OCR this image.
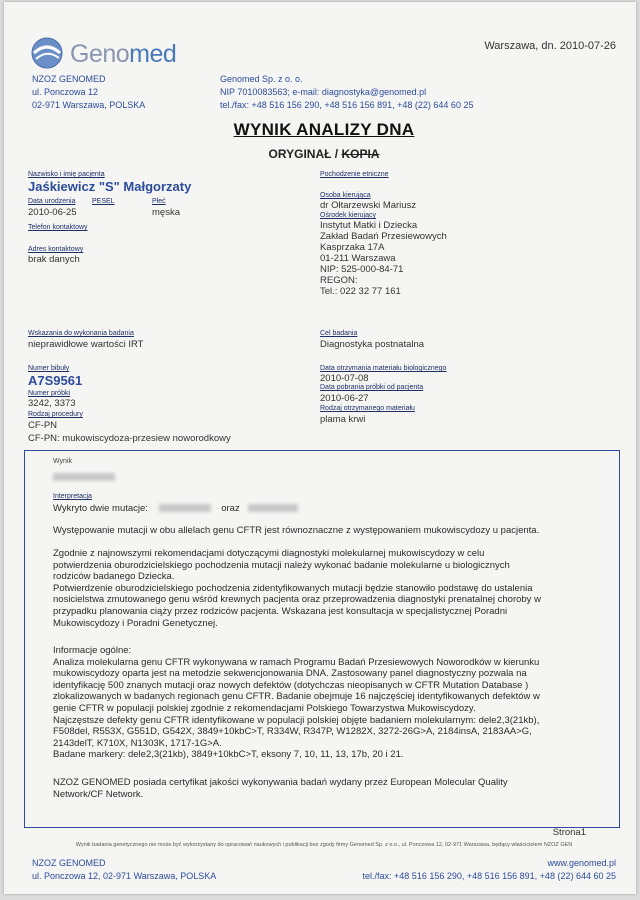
Genomed	Warszawa, dn. 2010-07-26
NZOZ GENOMED
ul. Ponczowa 12
02-971 Warszawa, POLSKA
Genomed Sp. z o. o.
NIP 7010083563; e-mail: diagnostyka@genomed.pl
tel./fax: +48 516 156 290, +48 516 156 891, +48 (22) 644 60 25
WYNIK ANALIZY DNA
ORYGINAŁ / KOPIA
Nazwisko i imię pacjenta
Jaśkiewicz "S" Małgorzaty
Data urodzenia PESEL
2010-06-25
Płeć
męska
Telefon kontaktowy
Adres kontaktowy
brak danych
Pochodzenie etniczne
Osoba kierująca
dr Ołtarzewski Mariusz
Ośrodek kierujący
Instytut Matki i Dziecka
Zakład Badań Przesiewowych
Kasprzaka 17A
01-211 Warszawa
NIP: 525-000-84-71
REGON:
Tel.: 022 32 77 161
Wskazania do wykonania badania
nieprawidłowe wartości IRT
Cel badania
Diagnostyka postnatalna
Numer bibuły
A7S9561
Numer próbki
3242, 3373
Rodzaj procedury
CF-PN
CF-PN: mukowiscydoza-przesiew noworodkowy
Data otrzymania materiału biologicznego
2010-07-08
Data pobrania próbki od pacjenta
2010-06-27
Rodzaj otrzymanego materiału
plama krwi
Wynik
Interpretacja
Wykryto dwie mutacje:	oraz
Występowanie mutacji w obu allelach genu CFTR jest równoznaczne z występowaniem mukowiscydozy u pacjenta.
Zgodnie z najnowszymi rekomendacjami dotyczącymi diagnostyki molekularnej mukowiscydozy w celu
potwierdzenia oburodzicielskiego pochodzenia mutacji należy wykonać badanie molekularne u biologicznych
rodziców badanego Dziecka.
Potwierdzenie oburodzicielskiego pochodzenia zidentyfikowanych mutacji będzie stanowiło podstawę do ustalenia
nosicielstwa zmutowanego genu wśród krewnych pacjenta oraz przeprowadzenia diagnostyki prenatalnej choroby w
przypadku planowania ciąży przez rodziców pacjenta. Wskazana jest konsultacja w specjalistycznej Poradni
Mukowiscydozy i Poradni Genetycznej.
Informacje ogólne:
Analiza molekularna genu CFTR wykonywana w ramach Programu Badań Przesiewowych Noworodków w kierunku
mukowiscydozy oparta jest na metodzie sekwencjonowania DNA. Zastosowany panel diagnostyczny pozwala na
identyfikację 500 znanych mutacji oraz nowych defektów (dotychczas nieopisanych w CFTR Mutation Database )
zlokalizowanych w badanych regionach genu CFTR. Badanie obejmuje 16 najczęściej identyfikowanych defektów w
genie CFTR w populacji polskiej zgodnie z rekomendacjami Polskiego Towarzystwa Mukowiscydozy.
Najczęstsze defekty genu CFTR identyfikowane w populacji polskiej objęte badaniem molekularnym: dele2,3(21kb),
F508del, R553X, G551D, G542X, 3849+10kbC>T, R334W, R347P, W1282X, 3272-26G>A, 2184insA, 2183AA>G,
2143delT, K710X, N1303K, 1717-1G>A.
Badane markery: dele2,3(21kb), 3849+10kbC>T, eksony 7, 10, 11, 13, 17b, 20 i 21.
NZOZ GENOMED posiada certyfikat jakości wykonywania badań wydany przez European Molecular Quality
Network/CF Network.
Strona1
Wynik badania genetycznego nie może być wykorzystany do opracowań naukowych i publikacji bez zgody firmy Genomed Sp. z o.o., ul. Ponczowa 12, 02-971 Warszawa, będący właścicielem NZOZ GEN
NZOZ GENOMED
ul. Ponczowa 12, 02-971 Warszawa, POLSKA
www.genomed.pl
tel./fax: +48 516 156 290, +48 516 156 891, +48 (22) 644 60 25
